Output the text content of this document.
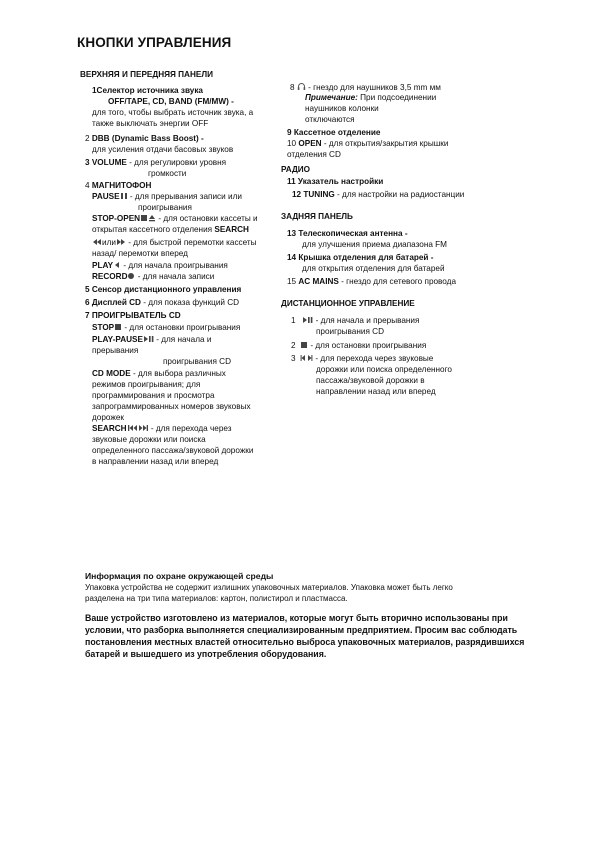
КНОПКИ УПРАВЛЕНИЯ
ВЕРХНЯЯ И ПЕРЕДНЯЯ ПАНЕЛИ
1Селектор источника звука
OFF/TAPE, CD, BAND (FM/MW) -
для того, чтобы выбрать источник звука, а
также выключать энергии OFF
2 DBB (Dynamic Bass Boost) -
для усиления отдачи басовых звуков
3 VOLUME - для регулировки уровня
громкости
4 МАГНИТОФОН
PAUSE - для прерывания записи или
проигрывания
STOP-OPEN - для остановки кассеты и
открытая кассетного отделения SEARCH
или - для быстрой перемотки кассеты
назад/ перемотки вперед
PLAY - для начала проигрывания
RECORD - для начала записи
5 Сенсор дистанционного управления
6 Дисплей CD - для показа функций CD
7 ПРОИГРЫВАТЕЛЬ CD
STOP - для остановки проигрывания
PLAY-PAUSE - для начала и
прерывания
проигрывания CD
CD MODE - для выбора различных
режимов проигрывания; для
программирования и просмотра
запрограммированных номеров звуковых
дорожек
SEARCH	- для перехода через
звуковые дорожки или поиска
определенного пассажа/звуковой дорожки
в направлении назад или вперед
8  - гнездо для наушников 3,5 mm мм
Примечание: При подсоединении
наушников колонки
отключаются
9 Кассетное отделение
10 OPEN - для открытия/закрытия крышки
отделения CD
РАДИО
11 Указатель настройки
12 TUNING - для настройки на радиостанции
ЗАДНЯЯ ПАНЕЛЬ
13 Телескопическая антенна -
для улучшения приема диапазона FM
14 Крышка отделения для батарей -
для открытия отделения для батарей
15 AC MAINS - гнездо для сетевого провода
ДИСТАНЦИОННОЕ УПРАВЛЕНИЕ
1    - для начала и прерывания
проигрывания CD
2   - для остановки проигрывания
3   - для перехода через звуковые
дорожки или поиска определенного
пассажа/звуковой дорожки в
направлении назад или вперед
Информация по охране окружающей среды
Упаковка устройства не содержит излишних упаковочных материалов. Упаковка может быть легко
разделена на три типа материалов: картон, полистирол и пластмасса.
Ваше устройство изготовлено из материалов, которые могут быть вторично использованы при
условии, что разборка выполняется специализированным предприятием. Просим вас соблюдать
постановления местных властей относительно выброса упаковочных материалов, разрядившихся
батарей и вышедшего из употребления оборудования.
